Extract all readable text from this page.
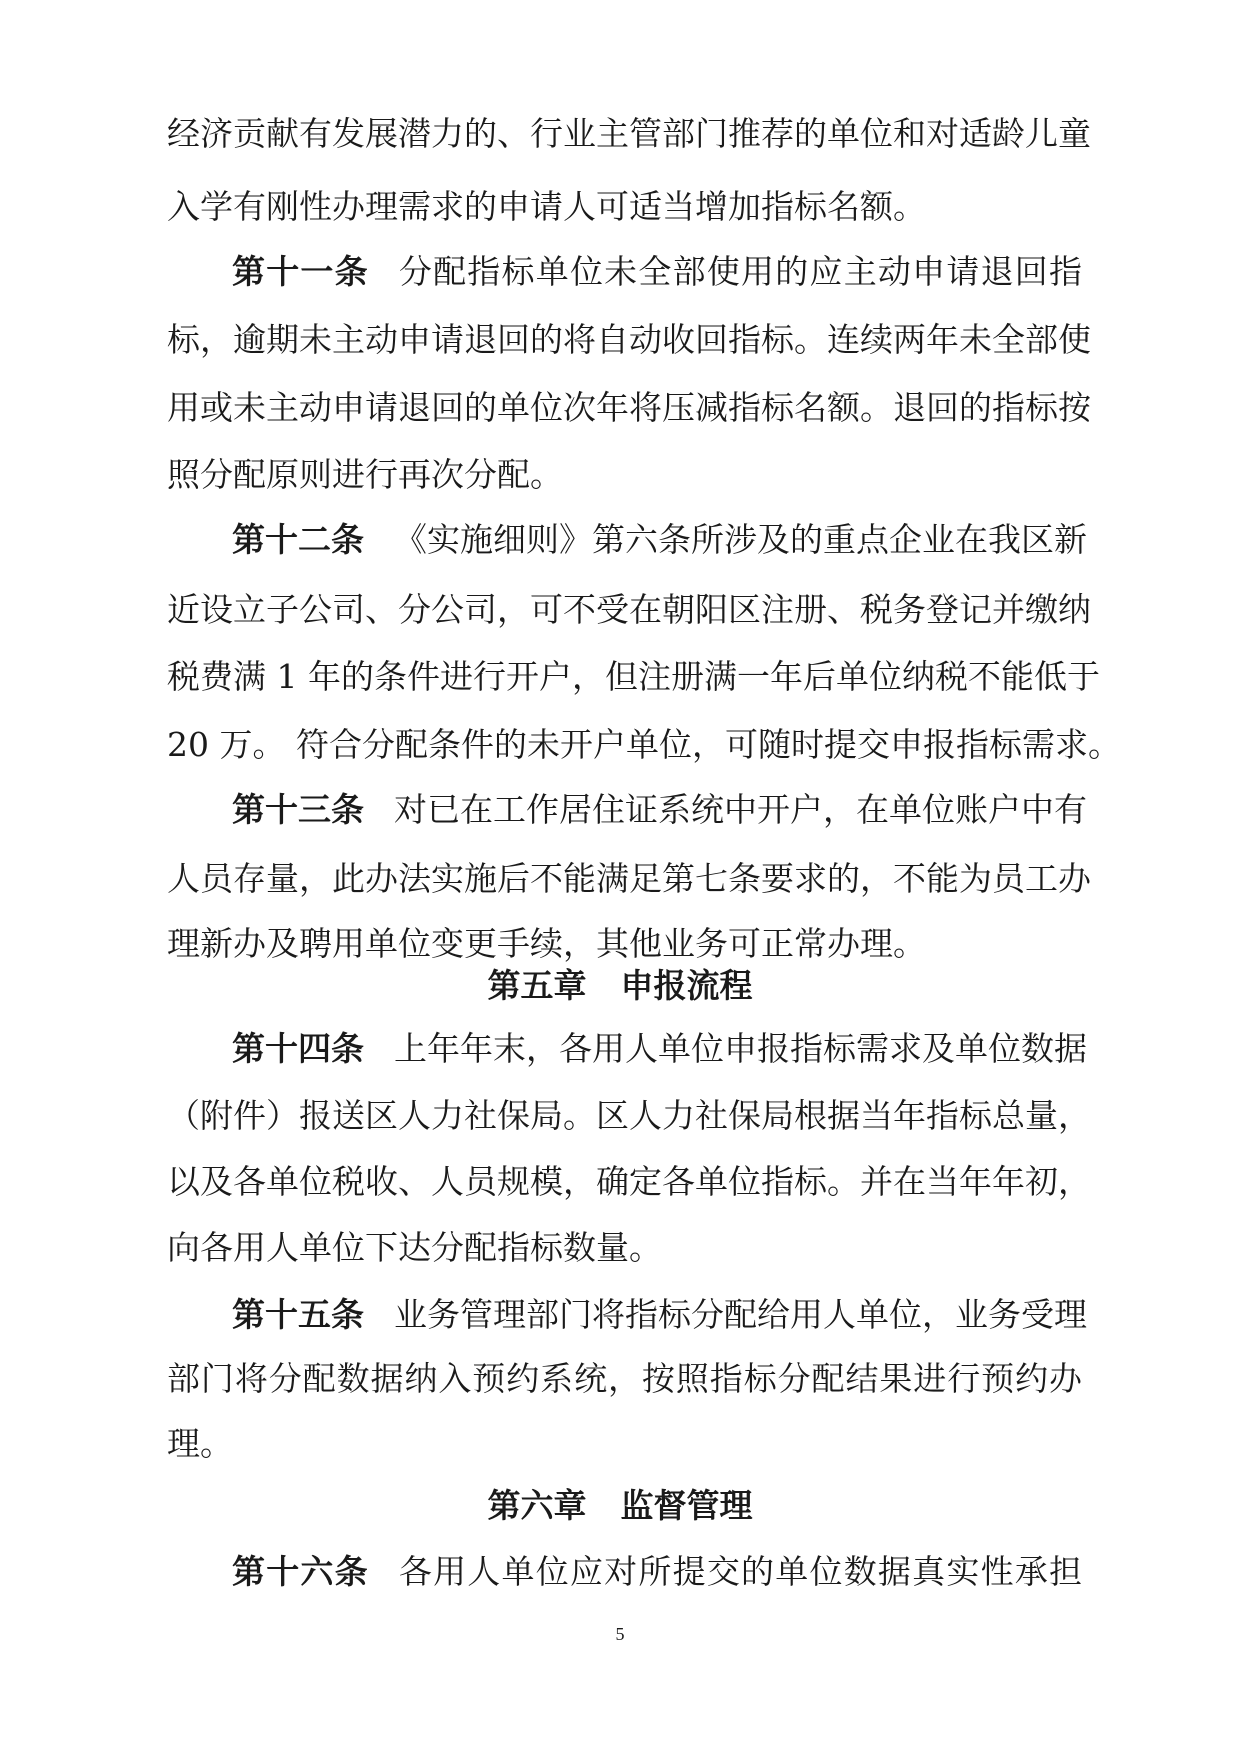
经济贡献有发展潜力的、行业主管部门推荐的单位和对适龄儿童
入学有刚性办理需求的申请人可适当增加指标名额。
第十一条 分配指标单位未全部使用的应主动申请退回指
标，逾期未主动申请退回的将自动收回指标。连续两年未全部使
用或未主动申请退回的单位次年将压减指标名额。退回的指标按
照分配原则进行再次分配。
第十二条 《实施细则》第六条所涉及的重点企业在我区新
近设立子公司、分公司，可不受在朝阳区注册、税务登记并缴纳
税费满 1 年的条件进行开户，但注册满一年后单位纳税不能低于
20 万。 符合分配条件的未开户单位，可随时提交申报指标需求。
第十三条 对已在工作居住证系统中开户，在单位账户中有
人员存量，此办法实施后不能满足第七条要求的，不能为员工办
理新办及聘用单位变更手续，其他业务可正常办理。
第五章 申报流程
第十四条 上年年末，各用人单位申报指标需求及单位数据
（附件）报送区人力社保局。区人力社保局根据当年指标总量，
以及各单位税收、人员规模，确定各单位指标。并在当年年初，
向各用人单位下达分配指标数量。
第十五条 业务管理部门将指标分配给用人单位，业务受理
部门将分配数据纳入预约系统，按照指标分配结果进行预约办
理。
第六章 监督管理
第十六条 各用人单位应对所提交的单位数据真实性承担
5
